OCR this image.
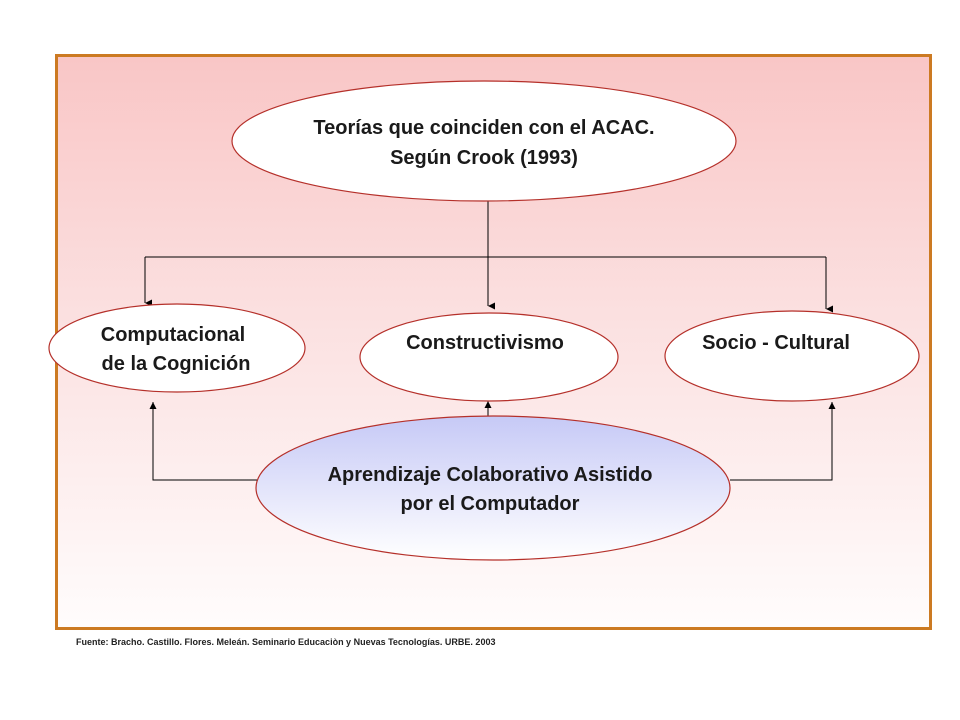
Teorías que coinciden con el ACAC.
Según Crook (1993)
Computacional
de la Cognición
Constructivismo	Socio - Cultural
Aprendizaje Colaborativo Asistido
por el Computador
Fuente: Bracho. Castillo. Flores. Meleán. Seminario Educaciòn y Nuevas Tecnologías. URBE. 2003
